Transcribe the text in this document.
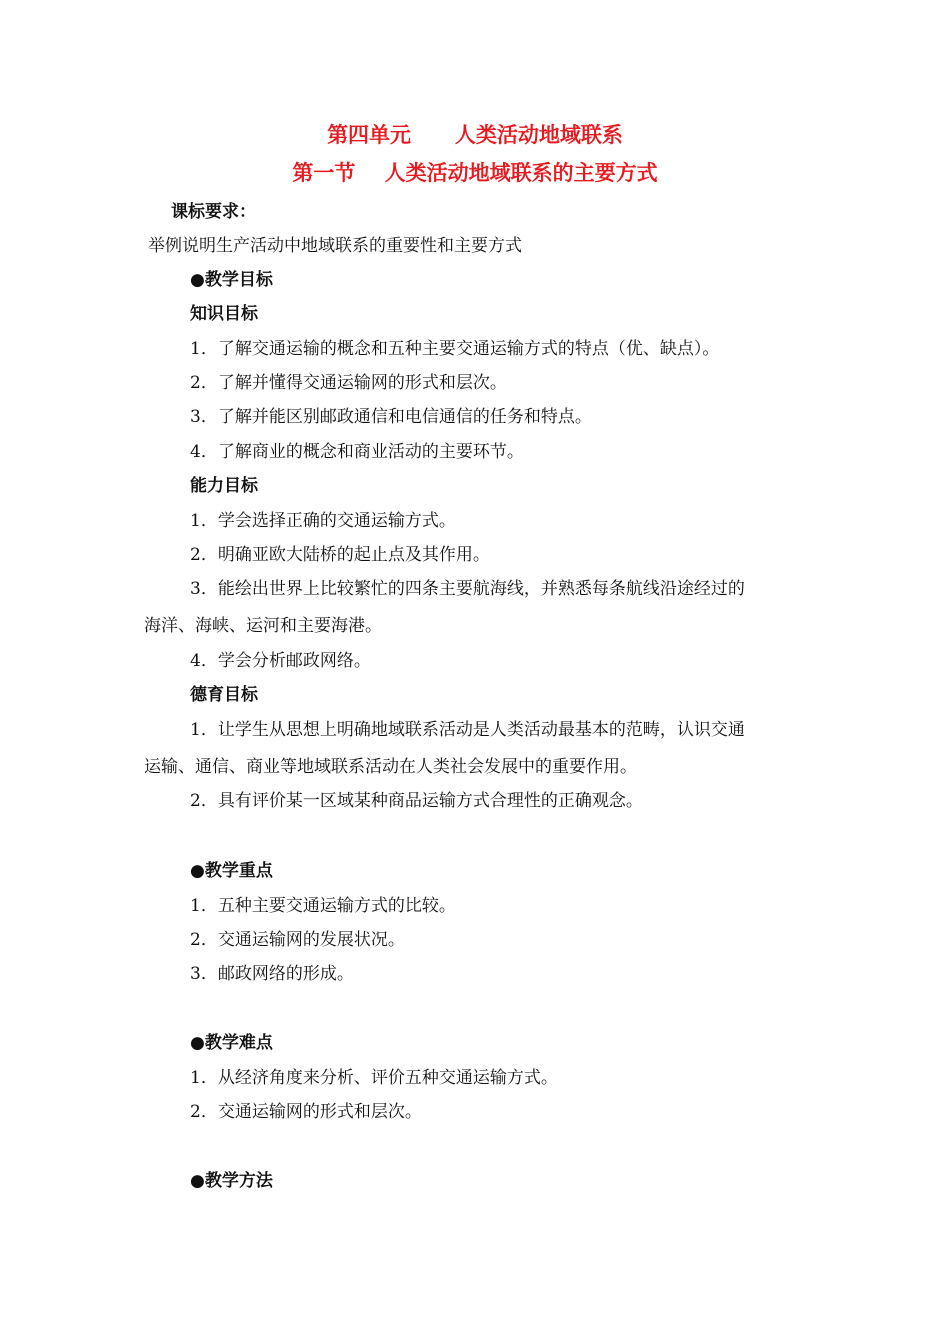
第四单元      人类活动地域联系
第一节    人类活动地域联系的主要方式
课标要求：
举例说明生产活动中地域联系的重要性和主要方式
● 教学目标
知识目标
1．了解交通运输的概念和五种主要交通运输方式的特点（优、缺点）。
2．了解并懂得交通运输网的形式和层次。
3．了解并能区别邮政通信和电信通信的任务和特点。
4．了解商业的概念和商业活动的主要环节。
能力目标
1．学会选择正确的交通运输方式。
2．明确亚欧大陆桥的起止点及其作用。
3．能绘出世界上比较繁忙的四条主要航海线，并熟悉每条航线沿途经过的
海洋、海峡、运河和主要海港。
4．学会分析邮政网络。
德育目标
1．让学生从思想上明确地域联系活动是人类活动最基本的范畴，认识交通
运输、通信、商业等地域联系活动在人类社会发展中的重要作用。
2．具有评价某一区域某种商品运输方式合理性的正确观念。
● 教学重点
1．五种主要交通运输方式的比较。
2．交通运输网的发展状况。
3．邮政网络的形成。
● 教学难点
1．从经济角度来分析、评价五种交通运输方式。
2．交通运输网的形式和层次。
● 教学方法
